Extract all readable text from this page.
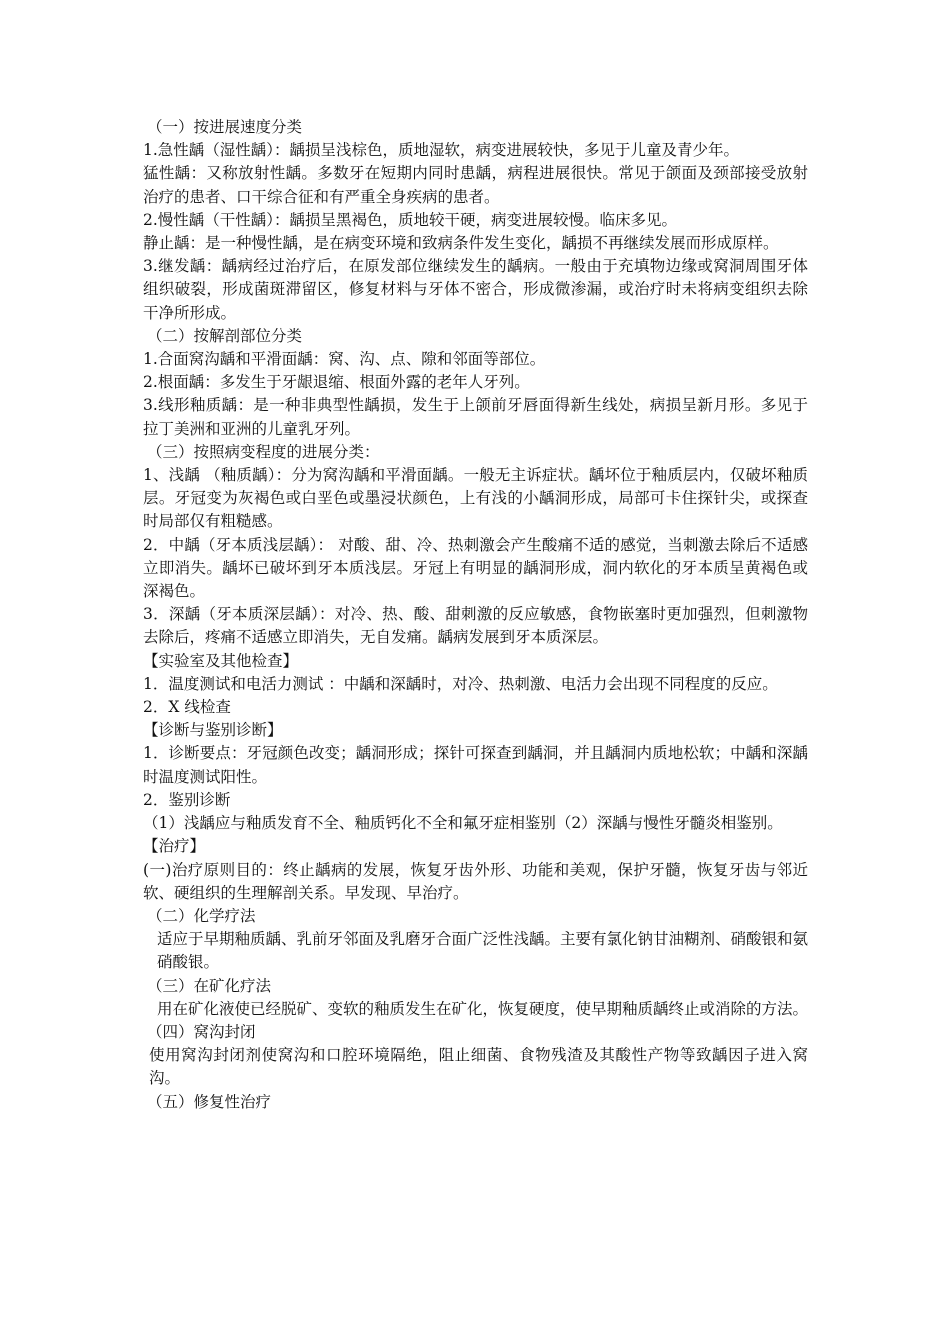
（一）按进展速度分类
1.急性龋（湿性龋）：龋损呈浅棕色，质地湿软，病变进展较快，多见于儿童及青少年。
猛性龋：又称放射性龋。多数牙在短期内同时患龋，病程进展很快。常见于颌面及颈部接受放射治疗的患者、口干综合征和有严重全身疾病的患者。
2.慢性龋（干性龋）：龋损呈黑褐色，质地较干硬，病变进展较慢。临床多见。
静止龋：是一种慢性龋，是在病变环境和致病条件发生变化，龋损不再继续发展而形成原样。
3.继发龋：龋病经过治疗后，在原发部位继续发生的龋病。一般由于充填物边缘或窝洞周围牙体组织破裂，形成菌斑滞留区，修复材料与牙体不密合，形成微渗漏，或治疗时未将病变组织去除干净所形成。
（二）按解剖部位分类
1.合面窝沟龋和平滑面龋：窝、沟、点、隙和邻面等部位。
2.根面龋：多发生于牙龈退缩、根面外露的老年人牙列。
3.线形釉质龋：是一种非典型性龋损，发生于上颌前牙唇面得新生线处，病损呈新月形。多见于拉丁美洲和亚洲的儿童乳牙列。
（三）按照病变程度的进展分类：
1、浅龋 （釉质龋）：分为窝沟龋和平滑面龋。一般无主诉症状。龋坏位于釉质层内，仅破坏釉质层。牙冠变为灰褐色或白垩色或墨浸状颜色，上有浅的小龋洞形成，局部可卡住探针尖，或探查时局部仅有粗糙感。
2．中龋（牙本质浅层龋）： 对酸、甜、冷、热刺激会产生酸痛不适的感觉，当刺激去除后不适感立即消失。龋坏已破坏到牙本质浅层。牙冠上有明显的龋洞形成，洞内软化的牙本质呈黄褐色或深褐色。
3．深龋（牙本质深层龋）：对冷、热、酸、甜刺激的反应敏感，食物嵌塞时更加强烈，但刺激物去除后，疼痛不适感立即消失，无自发痛。龋病发展到牙本质深层。
【实验室及其他检查】
1．温度测试和电活力测试 ：中龋和深龋时，对冷、热刺激、电活力会出现不同程度的反应。
2．X 线检查
【诊断与鉴别诊断】
1．诊断要点：牙冠颜色改变；龋洞形成；探针可探查到龋洞，并且龋洞内质地松软；中龋和深龋时温度测试阳性。
2．鉴别诊断
（1）浅龋应与釉质发育不全、釉质钙化不全和氟牙症相鉴别（2）深龋与慢性牙髓炎相鉴别。
【治疗】
(一)治疗原则目的：终止龋病的发展，恢复牙齿外形、功能和美观，保护牙髓，恢复牙齿与邻近软、硬组织的生理解剖关系。早发现、早治疗。
（二）化学疗法
适应于早期釉质龋、乳前牙邻面及乳磨牙合面广泛性浅龋。主要有氯化钠甘油糊剂、硝酸银和氨硝酸银。
（三）在矿化疗法
用在矿化液使已经脱矿、变软的釉质发生在矿化，恢复硬度，使早期釉质龋终止或消除的方法。
（四）窝沟封闭
使用窝沟封闭剂使窝沟和口腔环境隔绝，阻止细菌、食物残渣及其酸性产物等致龋因子进入窝沟。
（五）修复性治疗
